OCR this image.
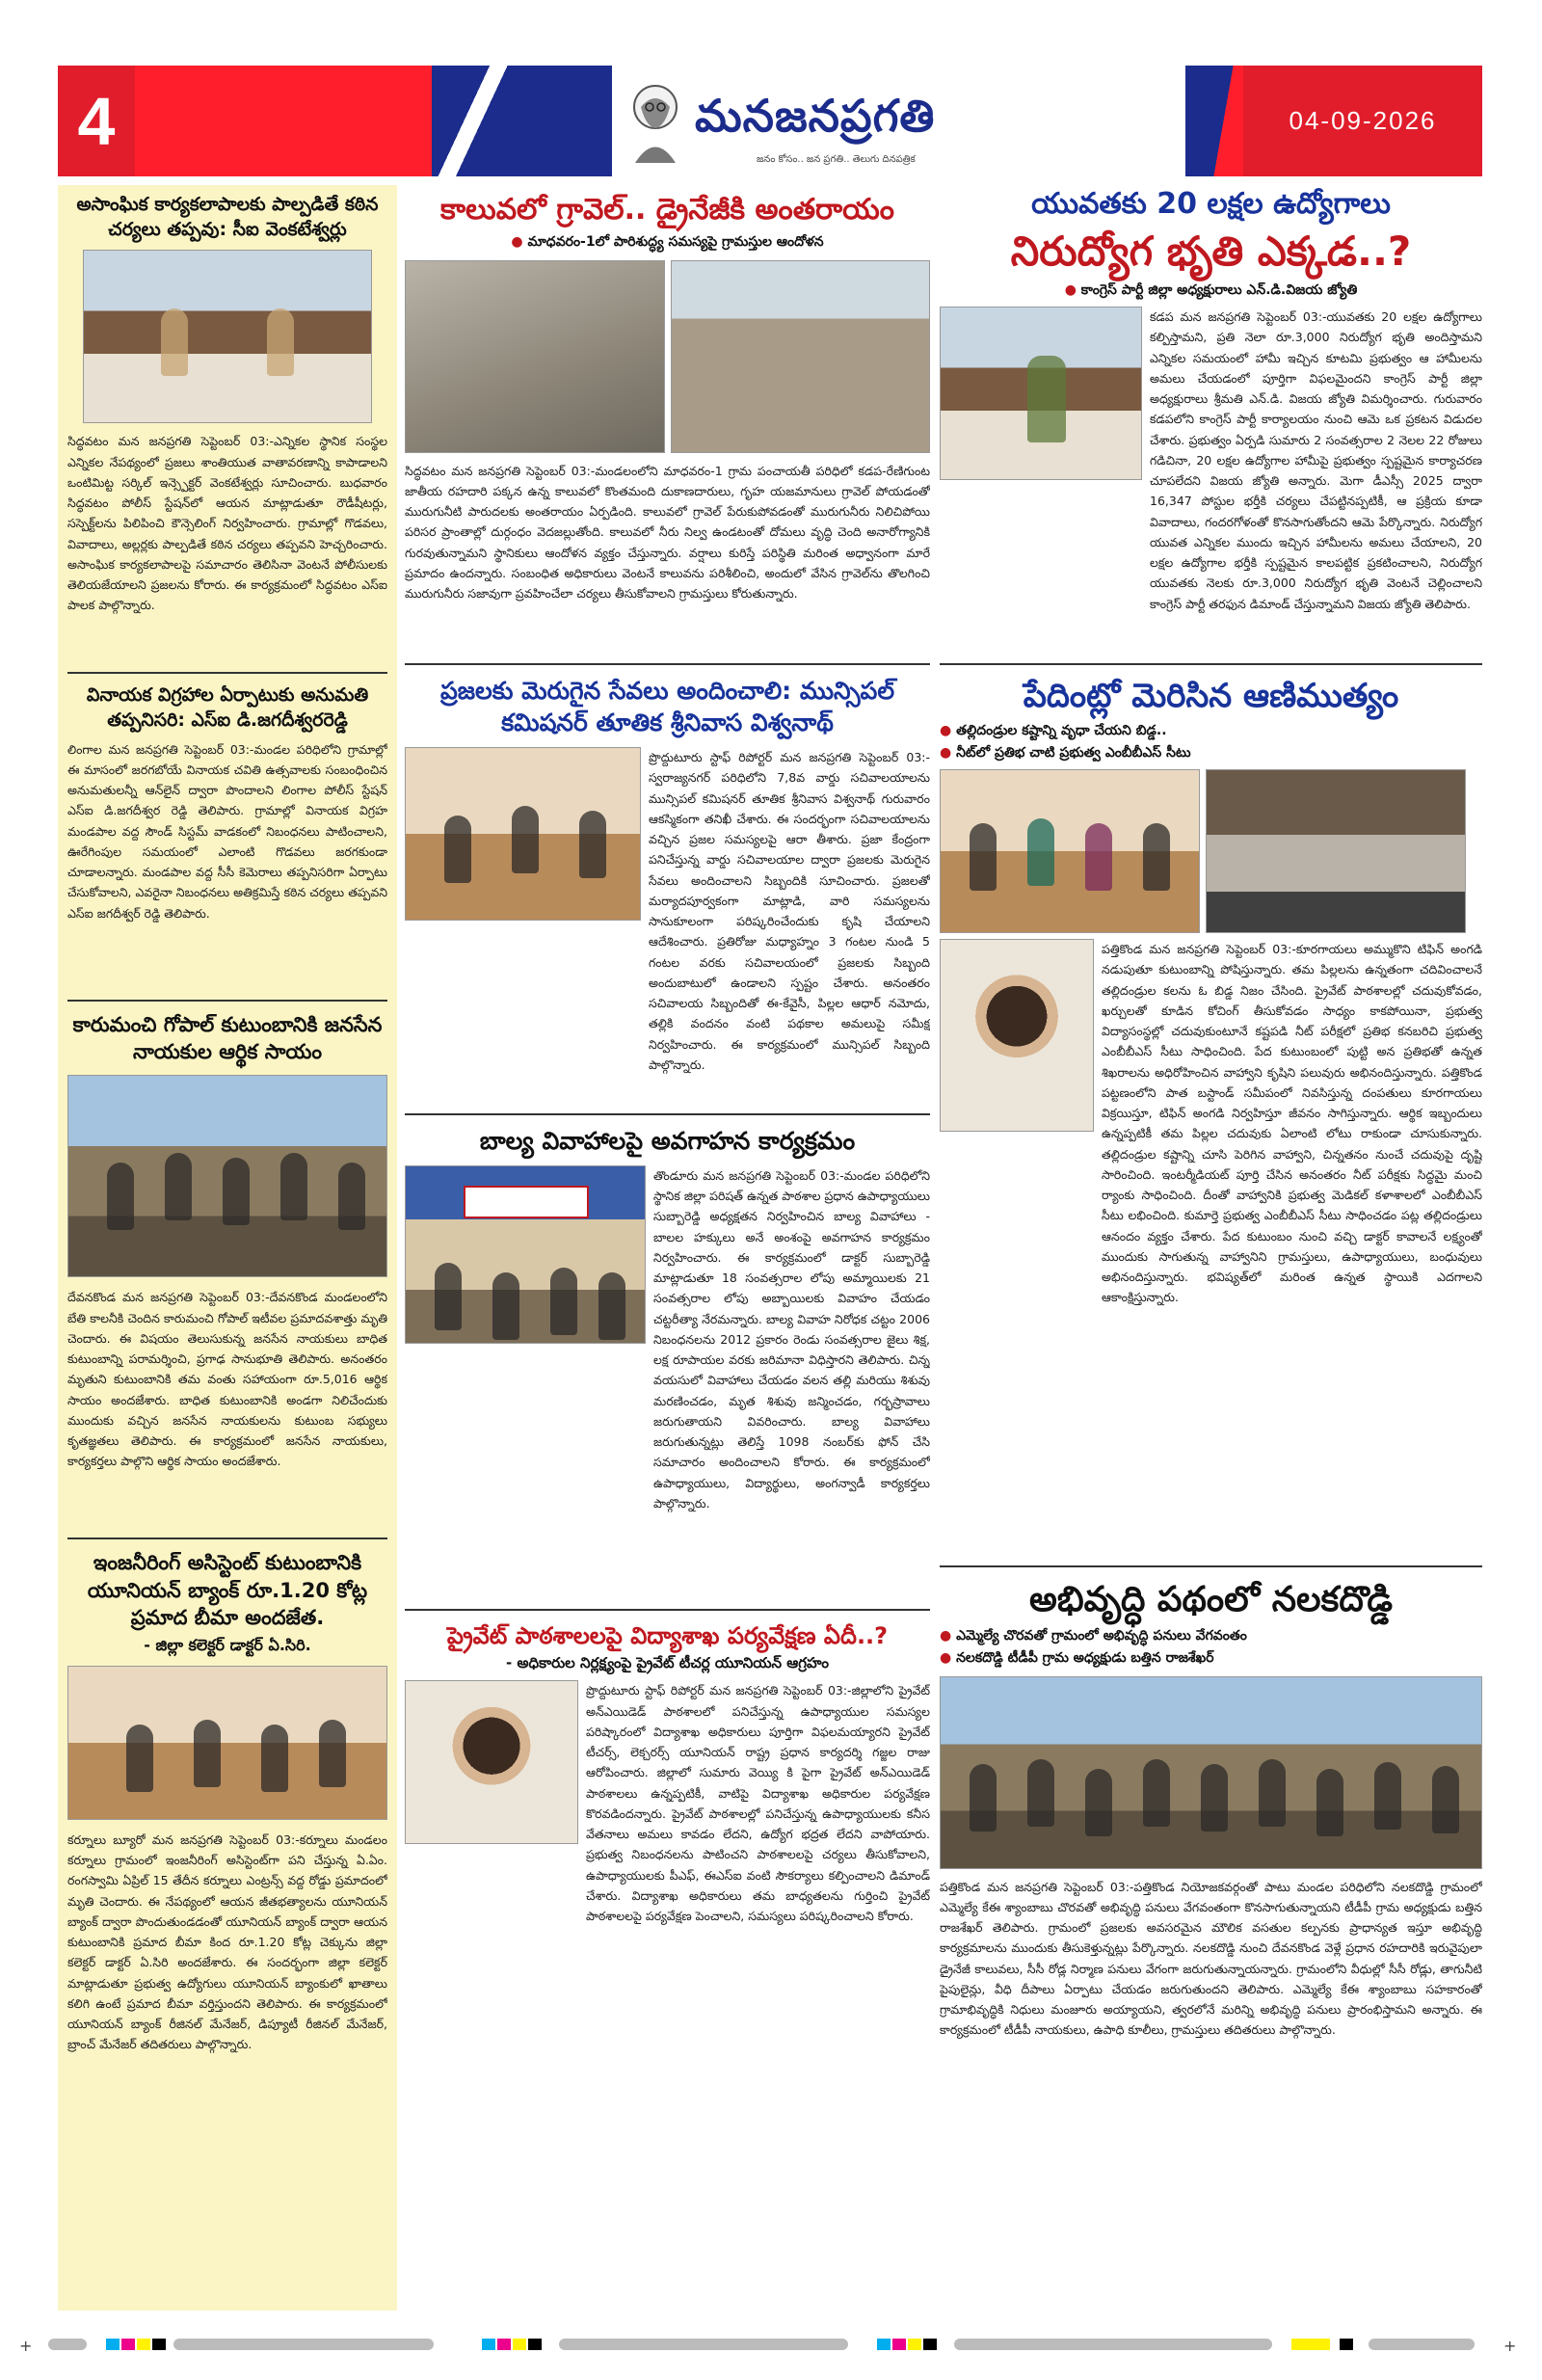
4	మనజనప్రగతి
జనం కోసం.. జన ప్రగతి.. తెలుగు దినపత్రిక
04-09-2026
అసాంఘిక కార్యకలాపాలకు పాల్పడితే కఠిన చర్యలు తప్పవు: సీఐ వెంకటేశ్వర్లు

సిద్ధవటం మన జనప్రగతి సెప్టెంబర్ 03:-ఎన్నికల స్థానిక సంస్థల ఎన్నికల నేపథ్యంలో ప్రజలు శాంతియుత వాతావరణాన్ని కాపాడాలని ఒంటిమిట్ట సర్కిల్ ఇన్స్పెక్టర్ వెంకటేశ్వర్లు సూచించారు. బుధవారం సిద్ధవటం పోలీస్ స్టేషన్‌లో ఆయన మాట్లాడుతూ రౌడీషీటర్లు, సస్పెక్ట్‌లను పిలిపించి కౌన్సెలింగ్ నిర్వహించారు. గ్రామాల్లో గొడవలు, వివాదాలు, అల్లర్లకు పాల్పడితే కఠిన చర్యలు తప్పవని హెచ్చరించారు. అసాంఘిక కార్యకలాపాలపై సమాచారం తెలిసినా వెంటనే పోలీసులకు తెలియజేయాలని ప్రజలను కోరారు. ఈ కార్యక్రమంలో సిద్ధవటం ఎస్ఐ పాలక పాల్గొన్నారు.

వినాయక విగ్రహాల ఏర్పాటుకు అనుమతి తప్పనిసరి: ఎస్ఐ డి.జగదీశ్వరరెడ్డి

లింగాల మన జనప్రగతి సెప్టెంబర్ 03:-మండల పరిధిలోని గ్రామాల్లో ఈ మాసంలో జరగబోయే వినాయక చవితి ఉత్సవాలకు సంబంధించిన అనుమతులన్నీ ఆన్‌లైన్ ద్వారా పొందాలని లింగాల పోలీస్ స్టేషన్ ఎస్ఐ డి.జగదీశ్వర రెడ్డి తెలిపారు. గ్రామాల్లో వినాయక విగ్రహ మండపాల వద్ద సౌండ్ సిస్టమ్ వాడకంలో నిబంధనలు పాటించాలని, ఊరేగింపుల సమయంలో ఎలాంటి గొడవలు జరగకుండా చూడాలన్నారు. మండపాల వద్ద సీసీ కెమెరాలు తప్పనిసరిగా ఏర్పాటు చేసుకోవాలని, ఎవరైనా నిబంధనలు అతిక్రమిస్తే కఠిన చర్యలు తప్పవని ఎస్ఐ జగదీశ్వర్ రెడ్డి తెలిపారు.

కారుమంచి గోపాల్ కుటుంబానికి జనసేన నాయకుల ఆర్థిక సాయం

దేవనకొండ మన జనప్రగతి సెప్టెంబర్ 03:-దేవనకొండ మండలంలోని బేతి కాలనీకి చెందిన కారుమంచి గోపాల్ ఇటీవల ప్రమాదవశాత్తు మృతి చెందారు. ఈ విషయం తెలుసుకున్న జనసేన నాయకులు బాధిత కుటుంబాన్ని పరామర్శించి, ప్రగాఢ సానుభూతి తెలిపారు. అనంతరం మృతుని కుటుంబానికి తమ వంతు సహాయంగా రూ.5,016 ఆర్థిక సాయం అందజేశారు. బాధిత కుటుంబానికి అండగా నిలిచేందుకు ముందుకు వచ్చిన జనసేన నాయకులను కుటుంబ సభ్యులు కృతజ్ఞతలు తెలిపారు. ఈ కార్యక్రమంలో జనసేన నాయకులు, కార్యకర్తలు పాల్గొని ఆర్థిక సాయం అందజేశారు.

ఇంజనీరింగ్ అసిస్టెంట్ కుటుంబానికి యూనియన్ బ్యాంక్ రూ.1.20 కోట్ల ప్రమాద బీమా అందజేత.
- జిల్లా కలెక్టర్ డాక్టర్ ఏ.సిరి.

కర్నూలు బ్యూరో మన జనప్రగతి సెప్టెంబర్ 03:-కర్నూలు మండలం కర్నూలు గ్రామంలో ఇంజనీరింగ్ అసిస్టెంట్‌గా పని చేస్తున్న ఏ.ఏం. రంగస్వామి ఏప్రిల్ 15 తేదీన కర్నూలు ఎంట్రన్స్ వద్ద రోడ్డు ప్రమాదంలో మృతి చెందారు. ఈ నేపథ్యంలో ఆయన జీతభత్యాలను యూనియన్ బ్యాంక్ ద్వారా పొందుతుండడంతో యూనియన్ బ్యాంక్ ద్వారా ఆయన కుటుంబానికి ప్రమాద బీమా కింద రూ.1.20 కోట్ల చెక్కును జిల్లా కలెక్టర్ డాక్టర్ ఏ.సిరి అందజేశారు. ఈ సందర్భంగా జిల్లా కలెక్టర్ మాట్లాడుతూ ప్రభుత్వ ఉద్యోగులు యూనియన్ బ్యాంకులో ఖాతాలు కలిగి ఉంటే ప్రమాద బీమా వర్తిస్తుందని తెలిపారు. ఈ కార్యక్రమంలో యూనియన్ బ్యాంక్ రీజినల్ మేనేజర్, డిప్యూటీ రీజినల్ మేనేజర్, బ్రాంచ్ మేనేజర్ తదితరులు పాల్గొన్నారు.

కాలువలో గ్రావెల్.. డ్రైనేజీకి అంతరాయం
● మాధవరం-1లో పారిశుద్ధ్య సమస్యపై గ్రామస్తుల ఆందోళన

సిద్ధవటం మన జనప్రగతి సెప్టెంబర్ 03:-మండలంలోని మాధవరం-1 గ్రామ పంచాయతీ పరిధిలో కడప-రేణిగుంట జాతీయ రహదారి పక్కన ఉన్న కాలువలో కొంతమంది దుకాణదారులు, గృహ యజమానులు గ్రావెల్ పోయడంతో మురుగునీటి పారుదలకు అంతరాయం ఏర్పడింది. కాలువలో గ్రావెల్ పేరుకుపోవడంతో మురుగునీరు నిలిచిపోయి పరిసర ప్రాంతాల్లో దుర్గంధం వెదజల్లుతోంది. కాలువలో నీరు నిల్వ ఉండటంతో దోమలు వృద్ధి చెంది అనారోగ్యానికి గురవుతున్నామని స్థానికులు ఆందోళన వ్యక్తం చేస్తున్నారు. వర్షాలు కురిస్తే పరిస్థితి మరింత అధ్వానంగా మారే ప్రమాదం ఉందన్నారు. సంబంధిత అధికారులు వెంటనే కాలువను పరిశీలించి, అందులో వేసిన గ్రావెల్‌ను తొలగించి మురుగునీరు సజావుగా ప్రవహించేలా చర్యలు తీసుకోవాలని గ్రామస్తులు కోరుతున్నారు.

ప్రజలకు మెరుగైన సేవలు అందించాలి: మున్సిపల్ కమిషనర్ తూతిక శ్రీనివాస విశ్వనాథ్

ప్రొద్దుటూరు స్టాఫ్ రిపోర్టర్ మన జనప్రగతి సెప్టెంబర్ 03:-స్వరాజ్యనగర్ పరిధిలోని 7,8వ వార్డు సచివాలయాలను మున్సిపల్ కమిషనర్ తూతిక శ్రీనివాస విశ్వనాథ్ గురువారం ఆకస్మికంగా తనిఖీ చేశారు. ఈ సందర్భంగా సచివాలయాలను వచ్చిన ప్రజల సమస్యలపై ఆరా తీశారు. ప్రజా కేంద్రంగా పనిచేస్తున్న వార్డు సచివాలయాల ద్వారా ప్రజలకు మెరుగైన సేవలు అందించాలని సిబ్బందికి సూచించారు. ప్రజలతో మర్యాదపూర్వకంగా మాట్లాడి, వారి సమస్యలను సానుకూలంగా పరిష్కరించేందుకు కృషి చేయాలని ఆదేశించారు. ప్రతిరోజు మధ్యాహ్నం 3 గంటల నుండి 5 గంటల వరకు సచివాలయంలో ప్రజలకు సిబ్బంది అందుబాటులో ఉండాలని స్పష్టం చేశారు. అనంతరం సచివాలయ సిబ్బందితో ఈ-కేవైసీ, పిల్లల ఆధార్ నమోదు, తల్లికి వందనం వంటి పథకాల అమలుపై సమీక్ష నిర్వహించారు. ఈ కార్యక్రమంలో మున్సిపల్ సిబ్బంది పాల్గొన్నారు.

బాల్య వివాహాలపై అవగాహన కార్యక్రమం

తొండూరు మన జనప్రగతి సెప్టెంబర్ 03:-మండల పరిధిలోని స్థానిక జిల్లా పరిషత్ ఉన్నత పాఠశాల ప్రధాన ఉపాధ్యాయులు సుబ్బారెడ్డి అధ్యక్షతన నిర్వహించిన బాల్య వివాహాలు - బాలల హక్కులు అనే అంశంపై అవగాహన కార్యక్రమం నిర్వహించారు. ఈ కార్యక్రమంలో డాక్టర్ సుబ్బారెడ్డి మాట్లాడుతూ 18 సంవత్సరాల లోపు అమ్మాయిలకు 21 సంవత్సరాల లోపు అబ్బాయిలకు వివాహం చేయడం చట్టరీత్యా నేరమన్నారు. బాల్య వివాహ నిరోధక చట్టం 2006 నిబంధనలను 2012 ప్రకారం రెండు సంవత్సరాల జైలు శిక్ష, లక్ష రూపాయల వరకు జరిమానా విధిస్తారని తెలిపారు. చిన్న వయసులో వివాహాలు చేయడం వలన తల్లి మరియు శిశువు మరణించడం, మృత శిశువు జన్మించడం, గర్భస్రావాలు జరుగుతాయని వివరించారు. బాల్య వివాహాలు జరుగుతున్నట్లు తెలిస్తే 1098 నంబర్‌కు ఫోన్ చేసి సమాచారం అందించాలని కోరారు. ఈ కార్యక్రమంలో ఉపాధ్యాయులు, విద్యార్థులు, అంగన్వాడీ కార్యకర్తలు పాల్గొన్నారు.

ప్రైవేట్ పాఠశాలలపై విద్యాశాఖ పర్యవేక్షణ ఏదీ..?
- అధికారుల నిర్లక్ష్యంపై ప్రైవేట్ టీచర్ల యూనియన్ ఆగ్రహం

ప్రొద్దుటూరు స్టాఫ్ రిపోర్టర్ మన జనప్రగతి సెప్టెంబర్ 03:-జిల్లాలోని ప్రైవేట్ అన్ఎయిడెడ్ పాఠశాలలో పనిచేస్తున్న ఉపాధ్యాయుల సమస్యల పరిష్కారంలో విద్యాశాఖ అధికారులు పూర్తిగా విఫలమయ్యారని ప్రైవేట్ టీచర్స్, లెక్చరర్స్ యూనియన్ రాష్ట్ర ప్రధాన కార్యదర్శి గజ్జల రాజు ఆరోపించారు. జిల్లాలో సుమారు వెయ్యి కి పైగా ప్రైవేట్ అన్ఎయిడెడ్ పాఠశాలలు ఉన్నప్పటికీ, వాటిపై విద్యాశాఖ అధికారుల పర్యవేక్షణ కొరవడిందన్నారు. ప్రైవేట్ పాఠశాలల్లో పనిచేస్తున్న ఉపాధ్యాయులకు కనీస వేతనాలు అమలు కావడం లేదని, ఉద్యోగ భద్రత లేదని వాపోయారు. ప్రభుత్వ నిబంధనలను పాటించని పాఠశాలలపై చర్యలు తీసుకోవాలని, ఉపాధ్యాయులకు పీఎఫ్, ఈఎస్ఐ వంటి సౌకర్యాలు కల్పించాలని డిమాండ్ చేశారు. విద్యాశాఖ అధికారులు తమ బాధ్యతలను గుర్తించి ప్రైవేట్ పాఠశాలలపై పర్యవేక్షణ పెంచాలని, సమస్యలు పరిష్కరించాలని కోరారు.

యువతకు 20 లక్షల ఉద్యోగాలు
నిరుద్యోగ భృతి ఎక్కడ..?
● కాంగ్రెస్ పార్టీ జిల్లా అధ్యక్షురాలు ఎన్.డి.విజయ జ్యోతి

కడప మన జనప్రగతి సెప్టెంబర్ 03:-యువతకు 20 లక్షల ఉద్యోగాలు కల్పిస్తామని, ప్రతి నెలా రూ.3,000 నిరుద్యోగ భృతి అందిస్తామని ఎన్నికల సమయంలో హామీ ఇచ్చిన కూటమి ప్రభుత్వం ఆ హామీలను అమలు చేయడంలో పూర్తిగా విఫలమైందని కాంగ్రెస్ పార్టీ జిల్లా అధ్యక్షురాలు శ్రీమతి ఎన్.డి. విజయ జ్యోతి విమర్శించారు. గురువారం కడపలోని కాంగ్రెస్ పార్టీ కార్యాలయం నుంచి ఆమె ఒక ప్రకటన విడుదల చేశారు. ప్రభుత్వం ఏర్పడి సుమారు 2 సంవత్సరాల 2 నెలల 22 రోజులు గడిచినా, 20 లక్షల ఉద్యోగాల హామీపై ప్రభుత్వం స్పష్టమైన కార్యాచరణ చూపలేదని విజయ జ్యోతి అన్నారు. మెగా డీఎస్సీ 2025 ద్వారా 16,347 పోస్టుల భర్తీకి చర్యలు చేపట్టినప్పటికీ, ఆ ప్రక్రియ కూడా వివాదాలు, గందరగోళంతో కొనసాగుతోందని ఆమె పేర్కొన్నారు. నిరుద్యోగ యువత ఎన్నికల ముందు ఇచ్చిన హామీలను అమలు చేయాలని, 20 లక్షల ఉద్యోగాల భర్తీకి స్పష్టమైన కాలపట్టిక ప్రకటించాలని, నిరుద్యోగ యువతకు నెలకు రూ.3,000 నిరుద్యోగ భృతి వెంటనే చెల్లించాలని కాంగ్రెస్ పార్టీ తరఫున డిమాండ్ చేస్తున్నామని విజయ జ్యోతి తెలిపారు.

పేదింట్లో మెరిసిన ఆణిముత్యం
● తల్లిదండ్రుల కష్టాన్ని వృధా చేయని బిడ్డ..
● నీట్‌లో ప్రతిభ చాటి ప్రభుత్వ ఎంబీబీఎస్ సీటు

పత్తికొండ మన జనప్రగతి సెప్టెంబర్ 03:-కూరగాయలు అమ్ముకొని టిఫిన్ అంగడి నడుపుతూ కుటుంబాన్ని పోషిస్తున్నారు. తమ పిల్లలను ఉన్నతంగా చదివించాలనే తల్లిదండ్రుల కలను ఓ బిడ్డ నిజం చేసింది. ప్రైవేట్ పాఠశాలల్లో చదువుకోవడం, ఖర్చులతో కూడిన కోచింగ్ తీసుకోవడం సాధ్యం కాకపోయినా, ప్రభుత్వ విద్యాసంస్థల్లో చదువుకుంటూనే కష్టపడి నీట్ పరీక్షలో ప్రతిభ కనబరిచి ప్రభుత్వ ఎంబీబీఎస్ సీటు సాధించింది. పేద కుటుంబంలో పుట్టి అన ప్రతిభతో ఉన్నత శిఖరాలను అధిరోహించిన వాహ్వాని కృషిని పలువురు అభినందిస్తున్నారు. పత్తికొండ పట్టణంలోని పాత బస్టాండ్ సమీపంలో నివసిస్తున్న దంపతులు కూరగాయలు విక్రయిస్తూ, టిఫిన్ అంగడి నిర్వహిస్తూ జీవనం సాగిస్తున్నారు. ఆర్థిక ఇబ్బందులు ఉన్నప్పటికీ తమ పిల్లల చదువుకు ఏలాంటి లోటు రాకుండా చూసుకున్నారు. తల్లిదండ్రుల కష్టాన్ని చూసి పెరిగిన వాహ్వాని, చిన్నతనం నుంచే చదువుపై దృష్టి సారించింది. ఇంటర్మీడియట్ పూర్తి చేసిన అనంతరం నీట్ పరీక్షకు సిద్ధమై మంచి ర్యాంకు సాధించింది. దీంతో వాహ్వానికి ప్రభుత్వ మెడికల్ కళాశాలలో ఎంబీబీఎస్ సీటు లభించింది. కుమార్తె ప్రభుత్వ ఎంబీబీఎస్ సీటు సాధించడం పట్ల తల్లిదండ్రులు ఆనందం వ్యక్తం చేశారు. పేద కుటుంబం నుంచి వచ్చి డాక్టర్ కావాలనే లక్ష్యంతో ముందుకు సాగుతున్న వాహ్వానిని గ్రామస్తులు, ఉపాధ్యాయులు, బంధువులు అభినందిస్తున్నారు. భవిష్యత్‌లో మరింత ఉన్నత స్థాయికి ఎదగాలని ఆకాంక్షిస్తున్నారు.

అభివృద్ధి పథంలో నలకదొడ్డి
● ఎమ్మెల్యే చొరవతో గ్రామంలో అభివృద్ధి పనులు వేగవంతం
● నలకదొడ్డి టీడీపీ గ్రామ అధ్యక్షుడు బత్తిన రాజశేఖర్

పత్తికొండ మన జనప్రగతి సెప్టెంబర్ 03:-పత్తికొండ నియోజకవర్గంతో పాటు మండల పరిధిలోని నలకదొడ్డి గ్రామంలో ఎమ్మెల్యే కేఈ శ్యాంబాబు చొరవతో అభివృద్ధి పనులు వేగవంతంగా కొనసాగుతున్నాయని టీడీపీ గ్రామ అధ్యక్షుడు బత్తిన రాజశేఖర్ తెలిపారు. గ్రామంలో ప్రజలకు అవసరమైన మౌలిక వసతుల కల్పనకు ప్రాధాన్యత ఇస్తూ అభివృద్ధి కార్యక్రమాలను ముందుకు తీసుకెళ్తున్నట్లు పేర్కొన్నారు. నలకదొడ్డి నుంచి దేవనకొండ వెళ్లే ప్రధాన రహదారికి ఇరువైపులా డ్రైనేజీ కాలువలు, సీసీ రోడ్ల నిర్మాణ పనులు వేగంగా జరుగుతున్నాయన్నారు. గ్రామంలోని వీధుల్లో సీసీ రోడ్లు, తాగునీటి పైపులైన్లు, వీధి దీపాలు ఏర్పాటు చేయడం జరుగుతుందని తెలిపారు. ఎమ్మెల్యే కేఈ శ్యాంబాబు సహకారంతో గ్రామాభివృద్ధికి నిధులు మంజూరు అయ్యాయని, త్వరలోనే మరిన్ని అభివృద్ధి పనులు ప్రారంభిస్తామని అన్నారు. ఈ కార్యక్రమంలో టీడీపీ నాయకులు, ఉపాధి కూలీలు, గ్రామస్తులు తదితరులు పాల్గొన్నారు.

+	+
